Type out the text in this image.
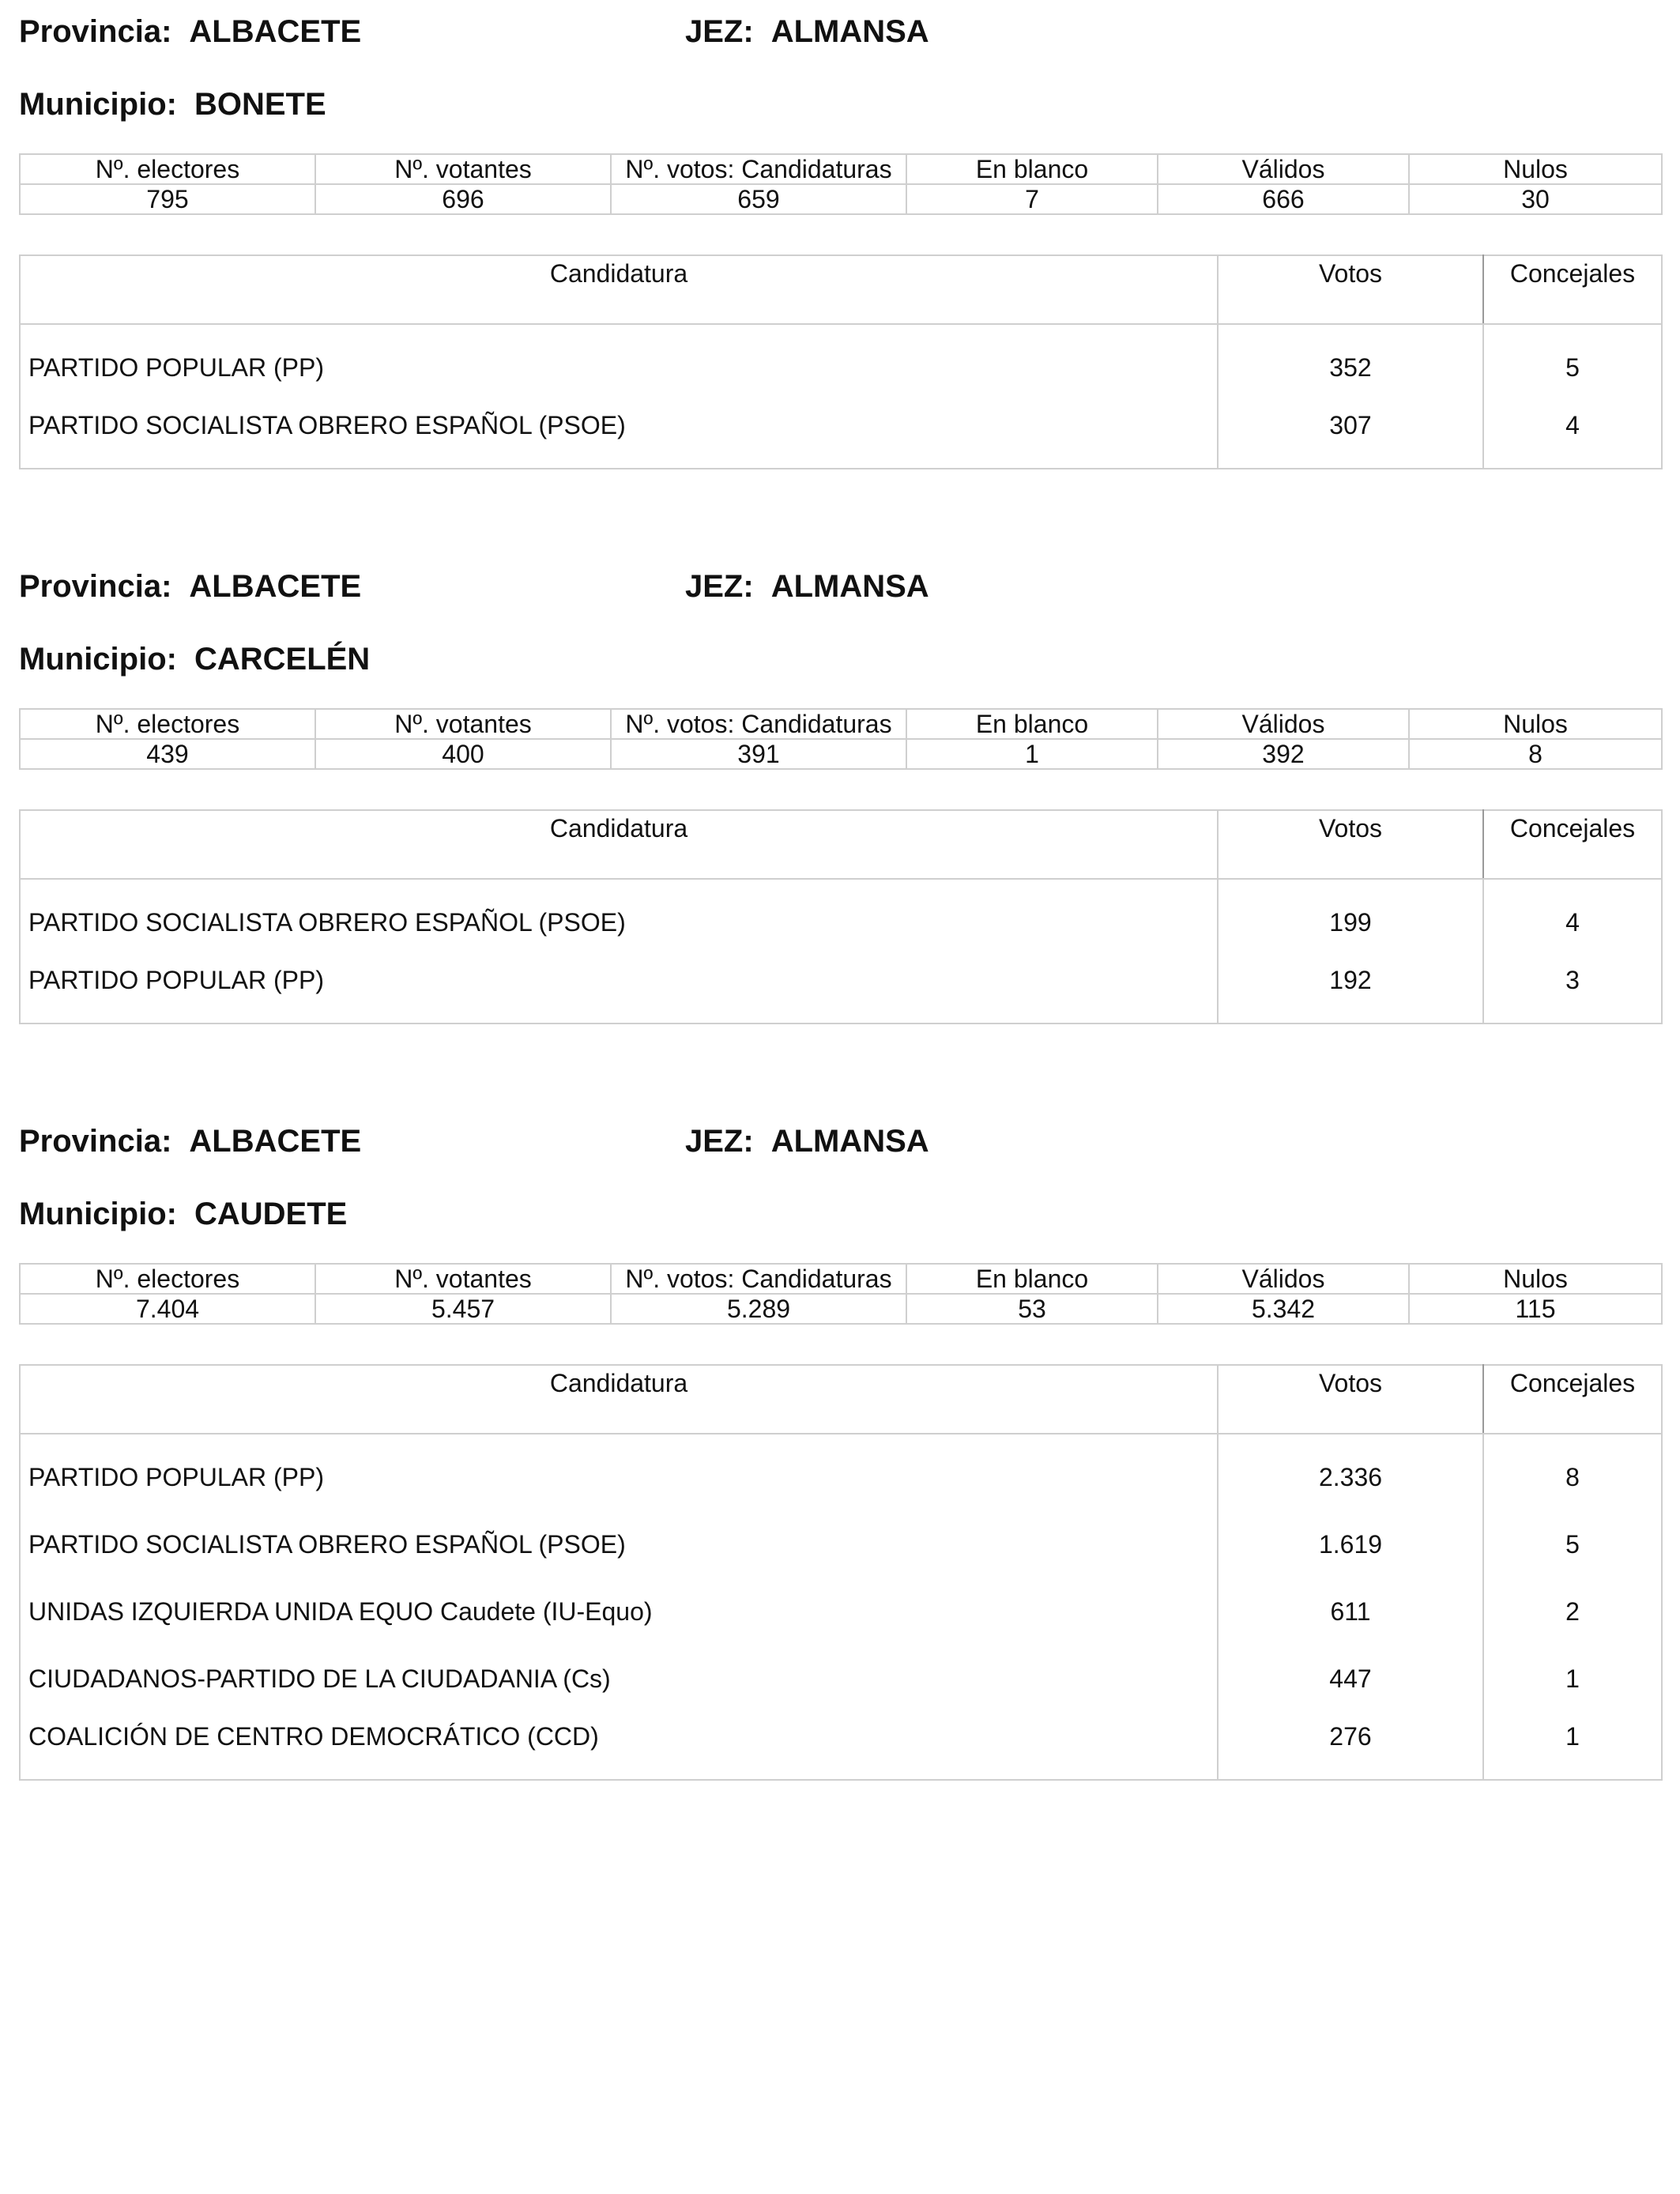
Provincia: ALBACETE	JEZ: ALMANSA
Municipio: BONETE
Nº. electores	Nº. votantes	Nº. votos: Candidaturas	En blanco	Válidos	Nulos
795	696	659	7	666	30
Candidatura	Votos	Concejales
PARTIDO POPULAR (PP)	352	5
PARTIDO SOCIALISTA OBRERO ESPAÑOL (PSOE)	307	4
Provincia: ALBACETE	JEZ: ALMANSA
Municipio: CARCELÉN
Nº. electores	Nº. votantes	Nº. votos: Candidaturas	En blanco	Válidos	Nulos
439	400	391	1	392	8
Candidatura	Votos	Concejales
PARTIDO SOCIALISTA OBRERO ESPAÑOL (PSOE)	199	4
PARTIDO POPULAR (PP)	192	3
Provincia: ALBACETE	JEZ: ALMANSA
Municipio: CAUDETE
Nº. electores	Nº. votantes	Nº. votos: Candidaturas	En blanco	Válidos	Nulos
7.404	5.457	5.289	53	5.342	115
Candidatura	Votos	Concejales
PARTIDO POPULAR (PP)	2.336	8
PARTIDO SOCIALISTA OBRERO ESPAÑOL (PSOE)	1.619	5
UNIDAS IZQUIERDA UNIDA EQUO Caudete (IU-Equo)	611	2
CIUDADANOS-PARTIDO DE LA CIUDADANIA (Cs)	447	1
COALICIÓN DE CENTRO DEMOCRÁTICO (CCD)	276	1
